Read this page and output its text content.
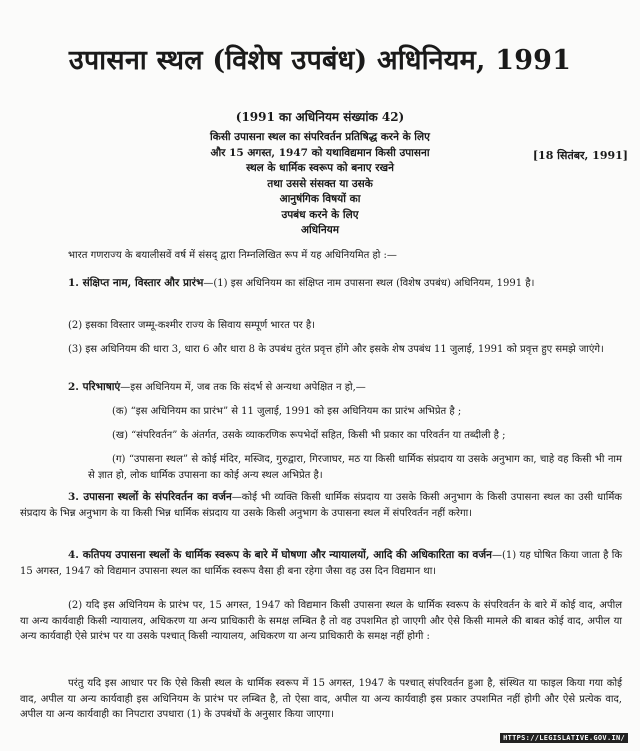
उपासना स्थल (विशेष उपबंध) अधिनियम, 1991
(1991 का अधिनियम संख्यांक 42)
[18 सितंबर, 1991]
किसी उपासना स्थल का संपरिवर्तन प्रतिषिद्ध करने के लिए
और 15 अगस्त, 1947 को यथाविद्यमान किसी उपासना
स्थल के धार्मिक स्वरूप को बनाए रखने
तथा उससे संसक्त या उसके
आनुषंगिक विषयों का
उपबंध करने के लिए
अधिनियम
भारत गणराज्य के बयालीसवें वर्ष में संसद् द्वारा निम्नलिखित रूप में यह अधिनियमित हो :—
1. संक्षिप्त नाम, विस्तार और प्रारंभ—(1) इस अधिनियम का संक्षिप्त नाम उपासना स्थल (विशेष उपबंध) अधिनियम, 1991 है।
(2) इसका विस्तार जम्मू-कश्मीर राज्य के सिवाय सम्पूर्ण भारत पर है।
(3) इस अधिनियम की धारा 3, धारा 6 और धारा 8 के उपबंध तुरंत प्रवृत्त होंगे और इसके शेष उपबंध 11 जुलाई, 1991 को प्रवृत्त हुए समझे जाएंगे।
2. परिभाषाएं—इस अधिनियम में, जब तक कि संदर्भ से अन्यथा अपेक्षित न हो,—
(क) “इस अधिनियम का प्रारंभ” से 11 जुलाई, 1991 को इस अधिनियम का प्रारंभ अभिप्रेत है ;
(ख) “संपरिवर्तन” के अंतर्गत, उसके व्याकरणिक रूपभेदों सहित, किसी भी प्रकार का परिवर्तन या तब्दीली है ;
(ग) “उपासना स्थल” से कोई मंदिर, मस्जिद, गुरुद्वारा, गिरजाघर, मठ या किसी धार्मिक संप्रदाय या उसके अनुभाग का, चाहे वह किसी भी नाम से ज्ञात हो, लोक धार्मिक उपासना का कोई अन्य स्थल अभिप्रेत है।
3. उपासना स्थलों के संपरिवर्तन का वर्जन—कोई भी व्यक्ति किसी धार्मिक संप्रदाय या उसके किसी अनुभाग के किसी उपासना स्थल का उसी धार्मिक संप्रदाय के भिन्न अनुभाग के या किसी भिन्न धार्मिक संप्रदाय या उसके किसी अनुभाग के उपासना स्थल में संपरिवर्तन नहीं करेगा।
4. कतिपय उपासना स्थलों के धार्मिक स्वरूप के बारे में घोषणा और न्यायालयों, आदि की अधिकारिता का वर्जन—(1) यह घोषित किया जाता है कि 15 अगस्त, 1947 को विद्यमान उपासना स्थल का धार्मिक स्वरूप वैसा ही बना रहेगा जैसा वह उस दिन विद्यमान था।
(2) यदि इस अधिनियम के प्रारंभ पर, 15 अगस्त, 1947 को विद्यमान किसी उपासना स्थल के धार्मिक स्वरूप के संपरिवर्तन के बारे में कोई वाद, अपील या अन्य कार्यवाही किसी न्यायालय, अधिकरण या अन्य प्राधिकारी के समक्ष लम्बित है तो वह उपशमित हो जाएगी और ऐसे किसी मामले की बाबत कोई वाद, अपील या अन्य कार्यवाही ऐसे प्रारंभ पर या उसके पश्चात् किसी न्यायालय, अधिकरण या अन्य प्राधिकारी के समक्ष नहीं होगी :
परंतु यदि इस आधार पर कि ऐसे किसी स्थल के धार्मिक स्वरूप में 15 अगस्त, 1947 के पश्चात् संपरिवर्तन हुआ है, संस्थित या फाइल किया गया कोई वाद, अपील या अन्य कार्यवाही इस अधिनियम के प्रारंभ पर लम्बित है, तो ऐसा वाद, अपील या अन्य कार्यवाही इस प्रकार उपशमित नहीं होगी और ऐसे प्रत्येक वाद, अपील या अन्य कार्यवाही का निपटारा उपधारा (1) के उपबंधों के अनुसार किया जाएगा।
HTTPS://LEGISLATIVE.GOV.IN/
